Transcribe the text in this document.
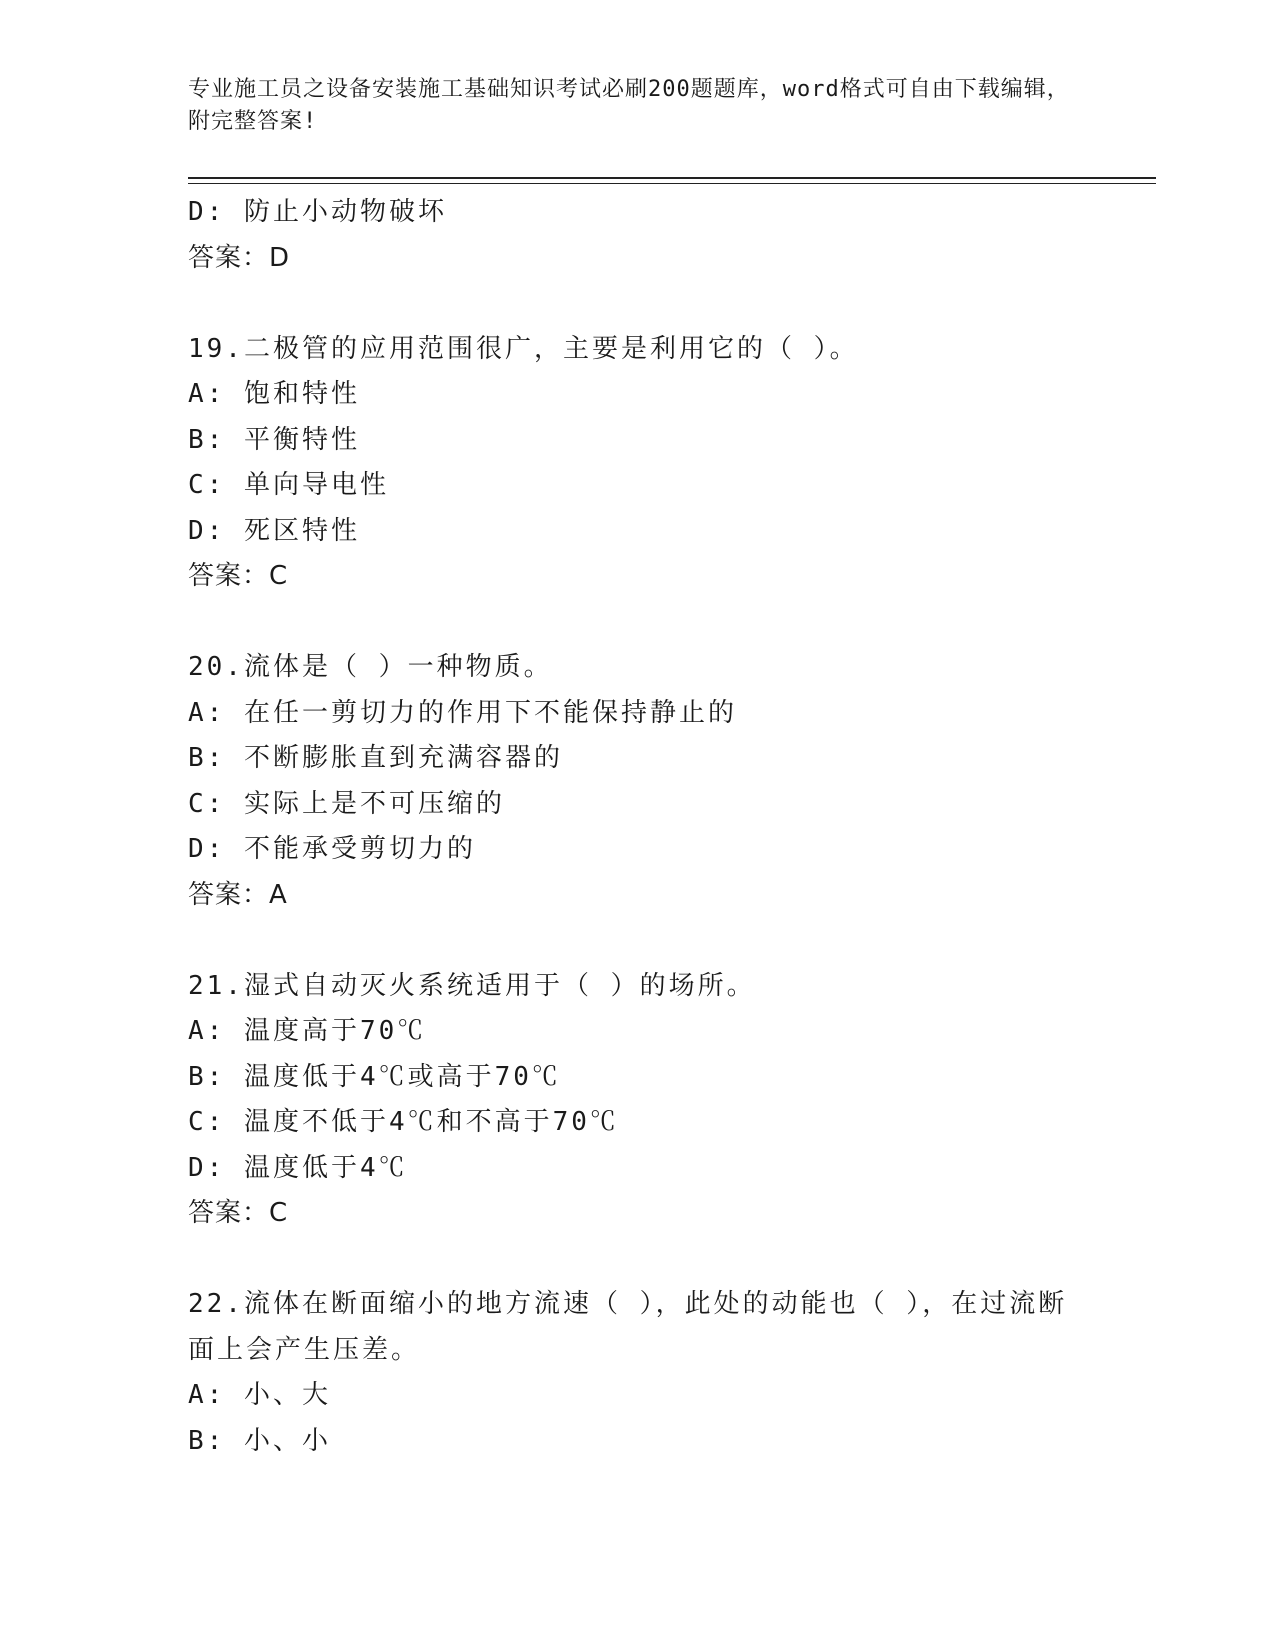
专业施工员之设备安装施工基础知识考试必刷200题题库，word格式可自由下载编辑，附完整答案!
D: 防止小动物破坏
答案：D
19.二极管的应用范围很广，主要是利用它的（ ）。
A: 饱和特性
B: 平衡特性
C: 单向导电性
D: 死区特性
答案：C
20.流体是（ ）一种物质。
A: 在任一剪切力的作用下不能保持静止的
B: 不断膨胀直到充满容器的
C: 实际上是不可压缩的
D: 不能承受剪切力的
答案：A
21.湿式自动灭火系统适用于（ ）的场所。
A: 温度高于70℃
B: 温度低于4℃或高于70℃
C: 温度不低于4℃和不高于70℃
D: 温度低于4℃
答案：C
22.流体在断面缩小的地方流速（ ），此处的动能也（ ），在过流断面上会产生压差。
A: 小、大
B: 小、小
